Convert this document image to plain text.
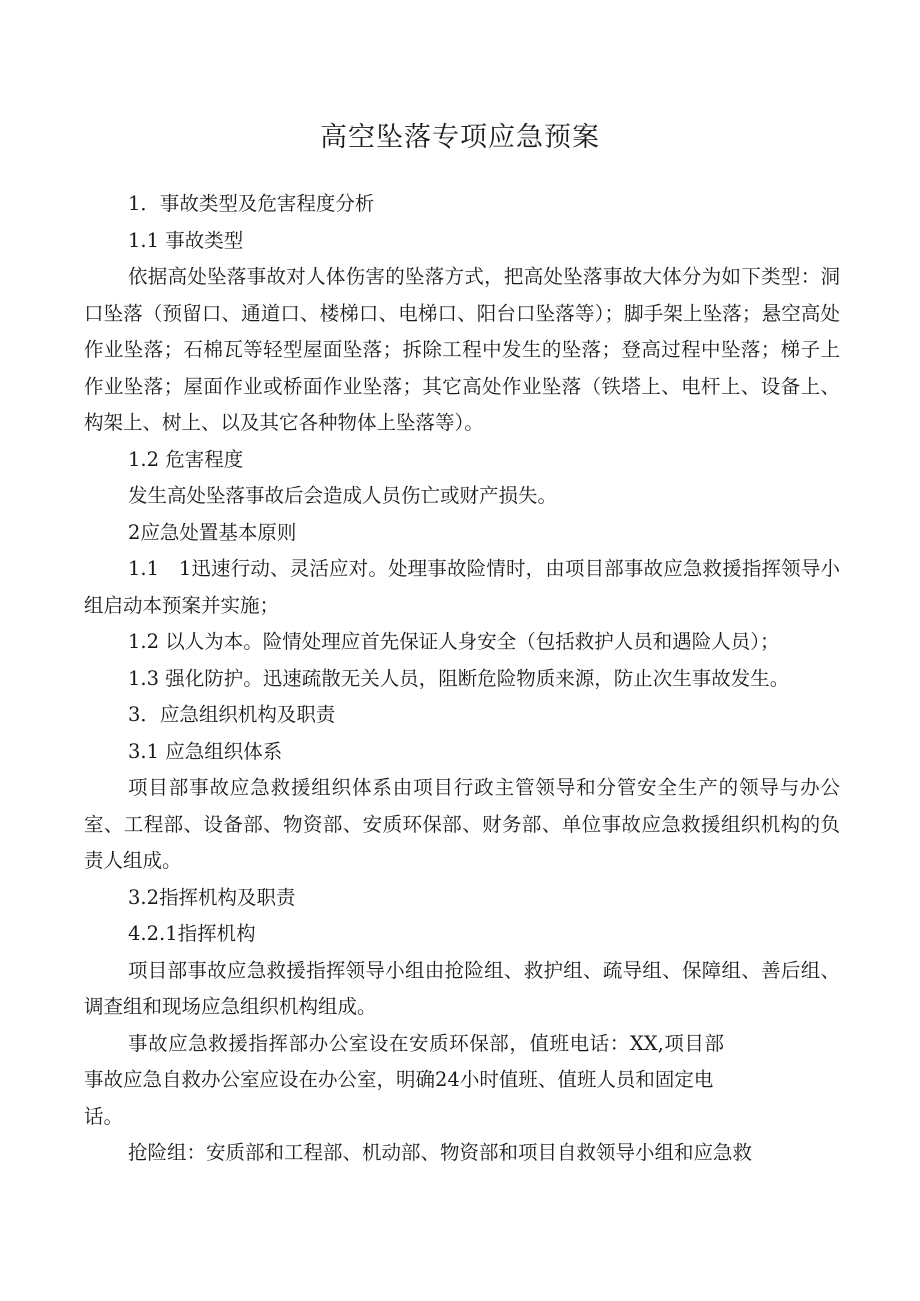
高空坠落专项应急预案

1．事故类型及危害程度分析

1.1 事故类型

依据高处坠落事故对人体伤害的坠落方式，把高处坠落事故大体分为如下类型：洞口坠落（预留口、通道口、楼梯口、电梯口、阳台口坠落等）；脚手架上坠落；悬空高处作业坠落；石棉瓦等轻型屋面坠落；拆除工程中发生的坠落；登高过程中坠落；梯子上作业坠落；屋面作业或桥面作业坠落；其它高处作业坠落（铁塔上、电杆上、设备上、构架上、树上、以及其它各种物体上坠落等）。

1.2 危害程度

发生高处坠落事故后会造成人员伤亡或财产损失。

2应急处置基本原则

1.1　1迅速行动、灵活应对。处理事故险情时，由项目部事故应急救援指挥领导小组启动本预案并实施；

1.2 以人为本。险情处理应首先保证人身安全（包括救护人员和遇险人员）；

1.3 强化防护。迅速疏散无关人员，阻断危险物质来源，防止次生事故发生。

3．应急组织机构及职责

3.1 应急组织体系

项目部事故应急救援组织体系由项目行政主管领导和分管安全生产的领导与办公室、工程部、设备部、物资部、安质环保部、财务部、单位事故应急救援组织机构的负责人组成。

3.2指挥机构及职责

4.2.1指挥机构

项目部事故应急救援指挥领导小组由抢险组、救护组、疏导组、保障组、善后组、调查组和现场应急组织机构组成。

事故应急救援指挥部办公室设在安质环保部，值班电话：XX,项目部事故应急自救办公室应设在办公室，明确24小时值班、值班人员和固定电

话。

抢险组：安质部和工程部、机动部、物资部和项目自救领导小组和应急救
